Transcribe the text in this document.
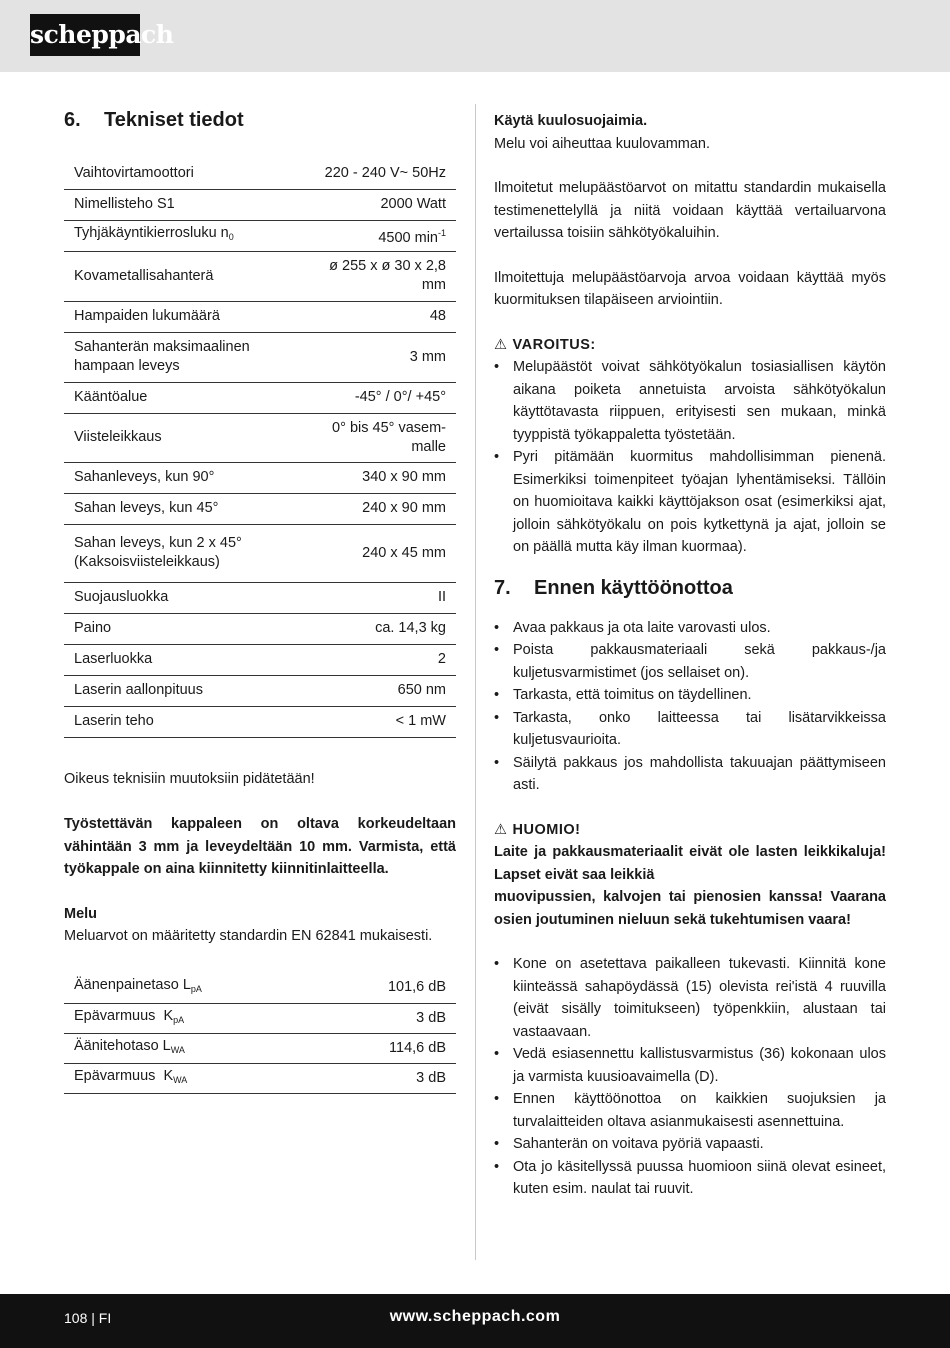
scheppach
6.	Tekniset tiedot
Vaihtovirtamoottori	220 - 240 V~ 50Hz
Nimellisteho S1	2000 Watt
Tyhjäkäyntikierrosluku $n_0$	4500 $\min^{-1}$
Kovametallisahanterä	ø 255 x ø 30 x 2,8 mm
Hampaiden lukumäärä	48
Sahanterän maksimaalinen hampaan leveys	3 mm
Kääntöalue	-45° / 0°/ +45°
Viisteleikkaus	0° bis 45° vasem-malle
Sahanleveys, kun 90°	340 x 90 mm
Sahan leveys, kun 45°	240 x 90 mm
Sahan leveys, kun 2 x 45° (Kaksoisviisteleikkaus)	240 x 45 mm
Suojausluokka	II
Paino	ca. 14,3 kg
Laserluokka	2
Laserin aallonpituus	650 nm
Laserin teho	< 1 mW
Oikeus teknisiin muutoksiin pidätetään!
Työstettävän kappaleen on oltava korkeudeltaan vähintään 3 mm ja leveydeltään 10 mm. Varmista, että työkappale on aina kiinnitetty kiinnitinlaitteella.
Melu
Meluarvot on määritetty standardin EN 62841 mukaisesti.
Äänenpainetaso $L_{pA}$	101,6 dB
Epävarmuus  $K_{pA}$	3 dB
Äänitehotaso $L_{WA}$	114,6 dB
Epävarmuus  $K_{WA}$	3 dB
Käytä kuulosuojaimia.
Melu voi aiheuttaa kuulovamman.
Ilmoitetut melupäästöarvot on mitattu standardin mukaisella testimenettelyllä ja niitä voidaan käyttää vertailuarvona vertailussa toisiin sähkötyökaluihin.
Ilmoitettuja melupäästöarvoja arvoa voidaan käyttää myös kuormituksen tilapäiseen arviointiin.
⚠ VAROITUS:
• Melupäästöt voivat sähkötyökalun tosiasiallisen käytön aikana poiketa annetuista arvoista sähkötyökalun käyttötavasta riippuen, erityisesti sen mukaan, minkä tyyppistä työkappaletta työstetään.
• Pyri pitämään kuormitus mahdollisimman pienenä. Esimerkiksi toimenpiteet työajan lyhentämiseksi. Tällöin on huomioitava kaikki käyttöjakson osat (esimerkiksi ajat, jolloin sähkötyökalu on pois kytkettynä ja ajat, jolloin se on päällä mutta käy ilman kuormaa).
7.	Ennen käyttöönottoa
• Avaa pakkaus ja ota laite varovasti ulos.
• Poista pakkausmateriaali sekä pakkaus-/ja kuljetusvarmistimet (jos sellaiset on).
• Tarkasta, että toimitus on täydellinen.
• Tarkasta, onko laitteessa tai lisätarvikkeissa kuljetusvaurioita.
• Säilytä pakkaus jos mahdollista takuuajan päättymiseen asti.
⚠ HUOMIO!
Laite ja pakkausmateriaalit eivät ole lasten leikkikaluja! Lapset eivät saa leikkiä
muovipussien, kalvojen tai pienosien kanssa! Vaarana osien joutuminen nieluun sekä tukehtumisen vaara!
• Kone on asetettava paikalleen tukevasti. Kiinnitä kone kiinteässä sahapöydässä (15) olevista rei'istä 4 ruuvilla (eivät sisälly toimitukseen) työpenkkiin, alustaan tai vastaavaan.
• Vedä esiasennettu kallistusvarmistus (36) kokonaan ulos ja varmista kuusioavaimella (D).
• Ennen käyttöönottoa on kaikkien suojuksien ja turvalaitteiden oltava asianmukaisesti asennettuina.
• Sahanterän on voitava pyöriä vapaasti.
• Ota jo käsitellyssä puussa huomioon siinä olevat esineet, kuten esim. naulat tai ruuvit.
108 | FI	www.scheppach.com
